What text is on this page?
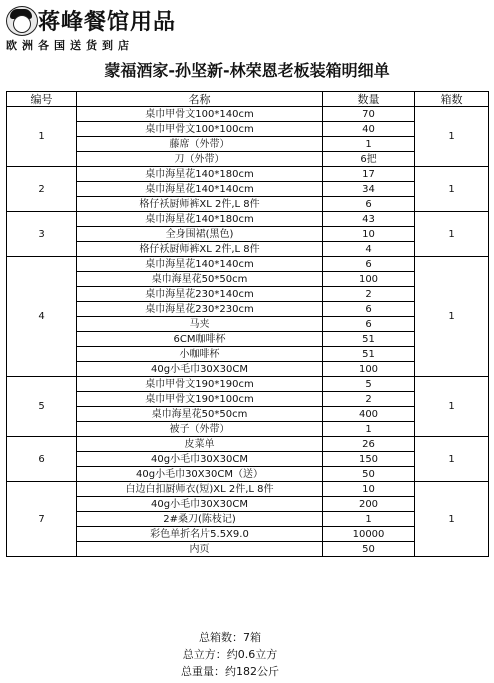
蒋峰餐馆用品
欧洲各国送货到店
蒙福酒家-孙坚新-林荣恩老板装箱明细单
编号	名称	数量	箱数
1	桌巾甲骨文100*140cm	70	1
	桌巾甲骨文100*100cm	40	
	藤席（外带）	1	
	刀（外带）	6把	
2	桌巾海星花140*180cm	17	1
	桌巾海星花140*140cm	34	
	格仔袄厨师裤XL 2件,L 8件	6	
3	桌巾海星花140*180cm	43	1
	全身围裙(黑色)	10	
	格仔袄厨师裤XL 2件,L 8件	4	
4	桌巾海星花140*140cm	6	1
	桌巾海星花50*50cm	100	
	桌巾海星花230*140cm	2	
	桌巾海星花230*230cm	6	
	马夹	6	
	6CM咖啡杯	51	
	小咖啡杯	51	
	40g小毛巾30X30CM	100	
5	桌巾甲骨文190*190cm	5	1
	桌巾甲骨文190*100cm	2	
	桌巾海星花50*50cm	400	
	被子（外带）	1	
6	皮菜单	26	1
	40g小毛巾30X30CM	150	
	40g小毛巾30X30CM（送）	50	
7	白边白扣厨师衣(短)XL 2件,L 8件	10	1
	40g小毛巾30X30CM	200	
	2#桑刀(陈枝记)	1	
	彩色单折名片5.5X9.0	10000	
	内页	50	
总箱数：7箱
总立方：约0.6立方
总重量：约182公斤
